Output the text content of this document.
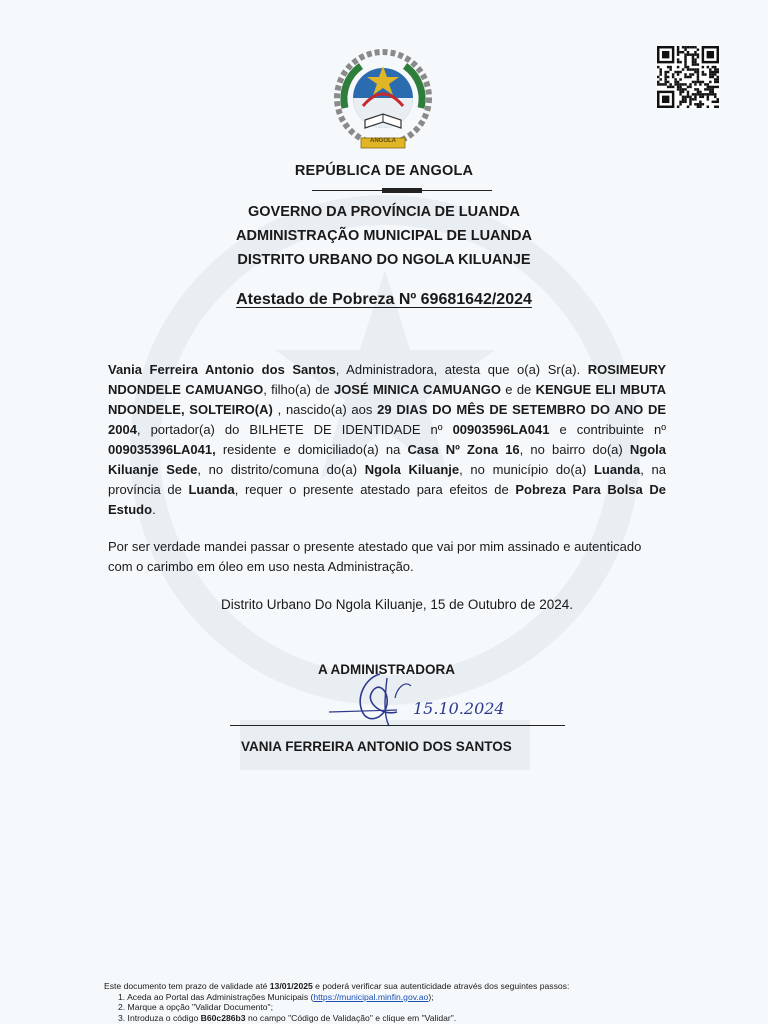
ANGOLA
REPÚBLICA DE ANGOLA
GOVERNO DA PROVÍNCIA DE LUANDA
ADMINISTRAÇÃO MUNICIPAL DE LUANDA
DISTRITO URBANO DO NGOLA KILUANJE
Atestado de Pobreza Nº 69681642/2024
Vania Ferreira Antonio dos Santos, Administradora, atesta que o(a) Sr(a). ROSIMEURY NDONDELE CAMUANGO, filho(a) de JOSÉ MINICA CAMUANGO e de KENGUE ELI MBUTA NDONDELE, SOLTEIRO(A) , nascido(a) aos 29 DIAS DO MÊS DE SETEMBRO DO ANO DE 2004, portador(a) do BILHETE DE IDENTIDADE nº 00903596LA041 e contribuinte nº 009035396LA041, residente e domiciliado(a) na Casa Nº Zona 16, no bairro do(a) Ngola Kiluanje Sede, no distrito/comuna do(a) Ngola Kiluanje, no município do(a) Luanda, na província de Luanda, requer o presente atestado para efeitos de Pobreza Para Bolsa De Estudo.
Por ser verdade mandei passar o presente atestado que vai por mim assinado e autenticado com o carimbo em óleo em uso nesta Administração.
Distrito Urbano Do Ngola Kiluanje, 15 de Outubro de 2024.
A ADMINISTRADORA
15.10.2024
VANIA FERREIRA ANTONIO DOS SANTOS
Este documento tem prazo de validade até 13/01/2025 e poderá verificar sua autenticidade através dos seguintes passos:
1. Aceda ao Portal das Administrações Municipais (https://municipal.minfin.gov.ao);
2. Marque a opção "Validar Documento";
3. Introduza o código B60c286b3 no campo "Código de Validação" e clique em "Validar".
